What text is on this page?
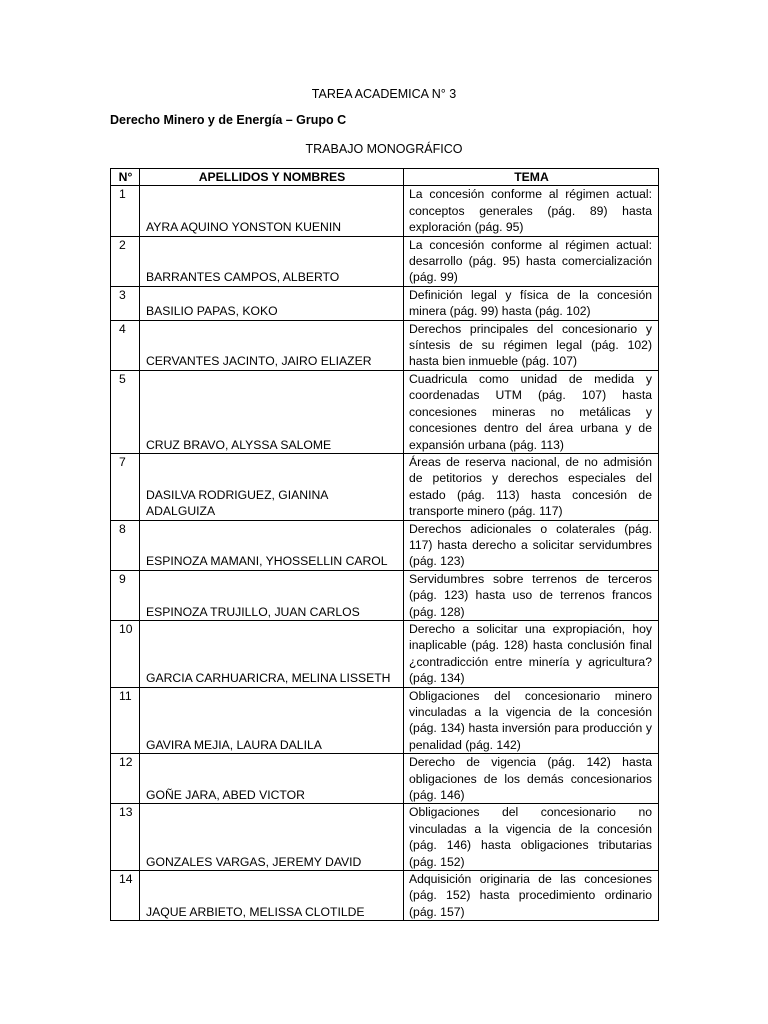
TAREA ACADEMICA N° 3
Derecho Minero y de Energía – Grupo C
TRABAJO MONOGRÁFICO
N°	APELLIDOS Y NOMBRES	TEMA
1	AYRA AQUINO YONSTON KUENIN	La concesión conforme al régimen actual: conceptos generales (pág. 89) hasta exploración (pág. 95)
2	BARRANTES CAMPOS, ALBERTO	La concesión conforme al régimen actual: desarrollo (pág. 95) hasta comercialización (pág. 99)
3	BASILIO PAPAS, KOKO	Definición legal y física de la concesión minera (pág. 99) hasta (pág. 102)
4	CERVANTES JACINTO, JAIRO ELIAZER	Derechos principales del concesionario y síntesis de su régimen legal (pág. 102) hasta bien inmueble (pág. 107)
5	CRUZ BRAVO, ALYSSA SALOME	Cuadricula como unidad de medida y coordenadas UTM (pág. 107) hasta concesiones mineras no metálicas y concesiones dentro del área urbana y de expansión urbana (pág. 113)
7	DASILVA RODRIGUEZ, GIANINA ADALGUIZA	Áreas de reserva nacional, de no admisión de petitorios y derechos especiales del estado (pág. 113) hasta concesión de transporte minero (pág. 117)
8	ESPINOZA MAMANI, YHOSSELLIN CAROL	Derechos adicionales o colaterales (pág. 117) hasta derecho a solicitar servidumbres (pág. 123)
9	ESPINOZA TRUJILLO, JUAN CARLOS	Servidumbres sobre terrenos de terceros (pág. 123) hasta uso de terrenos francos (pág. 128)
10	GARCIA CARHUARICRA, MELINA LISSETH	Derecho a solicitar una expropiación, hoy inaplicable (pág. 128) hasta conclusión final ¿contradicción entre minería y agricultura? (pág. 134)
11	GAVIRA MEJIA, LAURA DALILA	Obligaciones del concesionario minero vinculadas a la vigencia de la concesión (pág. 134) hasta inversión para producción y penalidad (pág. 142)
12	GOÑE JARA, ABED VICTOR	Derecho de vigencia (pág. 142) hasta obligaciones de los demás concesionarios (pág. 146)
13	GONZALES VARGAS, JEREMY DAVID	Obligaciones del concesionario no vinculadas a la vigencia de la concesión (pág. 146) hasta obligaciones tributarias (pág. 152)
14	JAQUE ARBIETO, MELISSA CLOTILDE	Adquisición originaria de las concesiones (pág. 152) hasta procedimiento ordinario (pág. 157)
